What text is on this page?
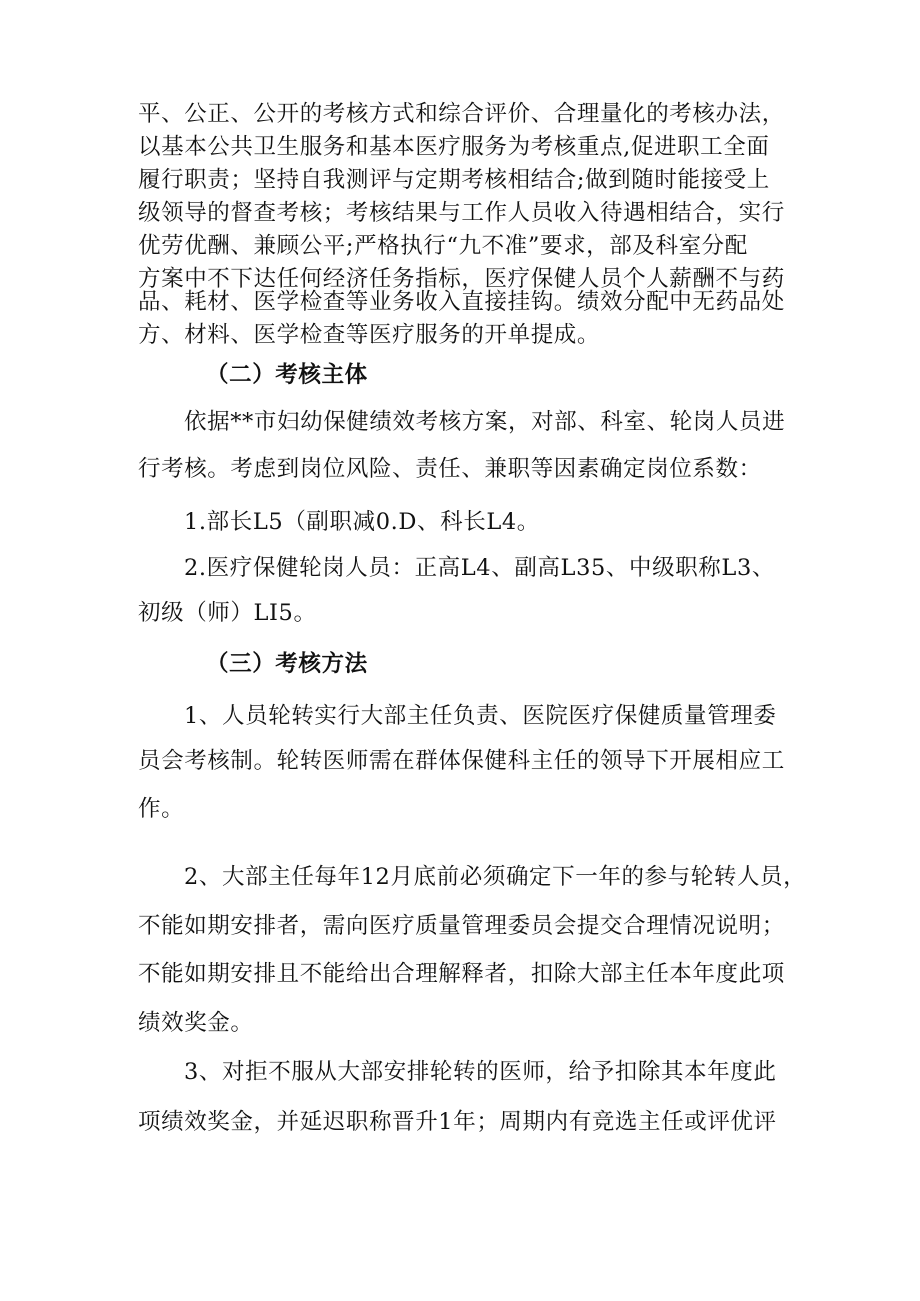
平、公正、公开的考核方式和综合评价、合理量化的考核办法，
以基本公共卫生服务和基本医疗服务为考核重点,促进职工全面
履行职责；坚持自我测评与定期考核相结合;做到随时能接受上
级领导的督查考核；考核结果与工作人员收入待遇相结合，实行
优劳优酬、兼顾公平;严格执行“九不准”要求，部及科室分配
方案中不下达任何经济任务指标，医疗保健人员个人薪酬不与药
品、耗材、医学检查等业务收入直接挂钩。绩效分配中无药品处
方、材料、医学检查等医疗服务的开单提成。
（二）考核主体
依据**市妇幼保健绩效考核方案，对部、科室、轮岗人员进
行考核。考虑到岗位风险、责任、兼职等因素确定岗位系数：
1.部长L5（副职减0.D、科长L4。
2.医疗保健轮岗人员：正高L4、副高L35、中级职称L3、
初级（师）LI5。
（三）考核方法
1、人员轮转实行大部主任负责、医院医疗保健质量管理委
员会考核制。轮转医师需在群体保健科主任的领导下开展相应工
作。
2、大部主任每年12月底前必须确定下一年的参与轮转人员，
不能如期安排者，需向医疗质量管理委员会提交合理情况说明；
不能如期安排且不能给出合理解释者，扣除大部主任本年度此项
绩效奖金。
3、对拒不服从大部安排轮转的医师，给予扣除其本年度此
项绩效奖金，并延迟职称晋升1年；周期内有竞选主任或评优评
